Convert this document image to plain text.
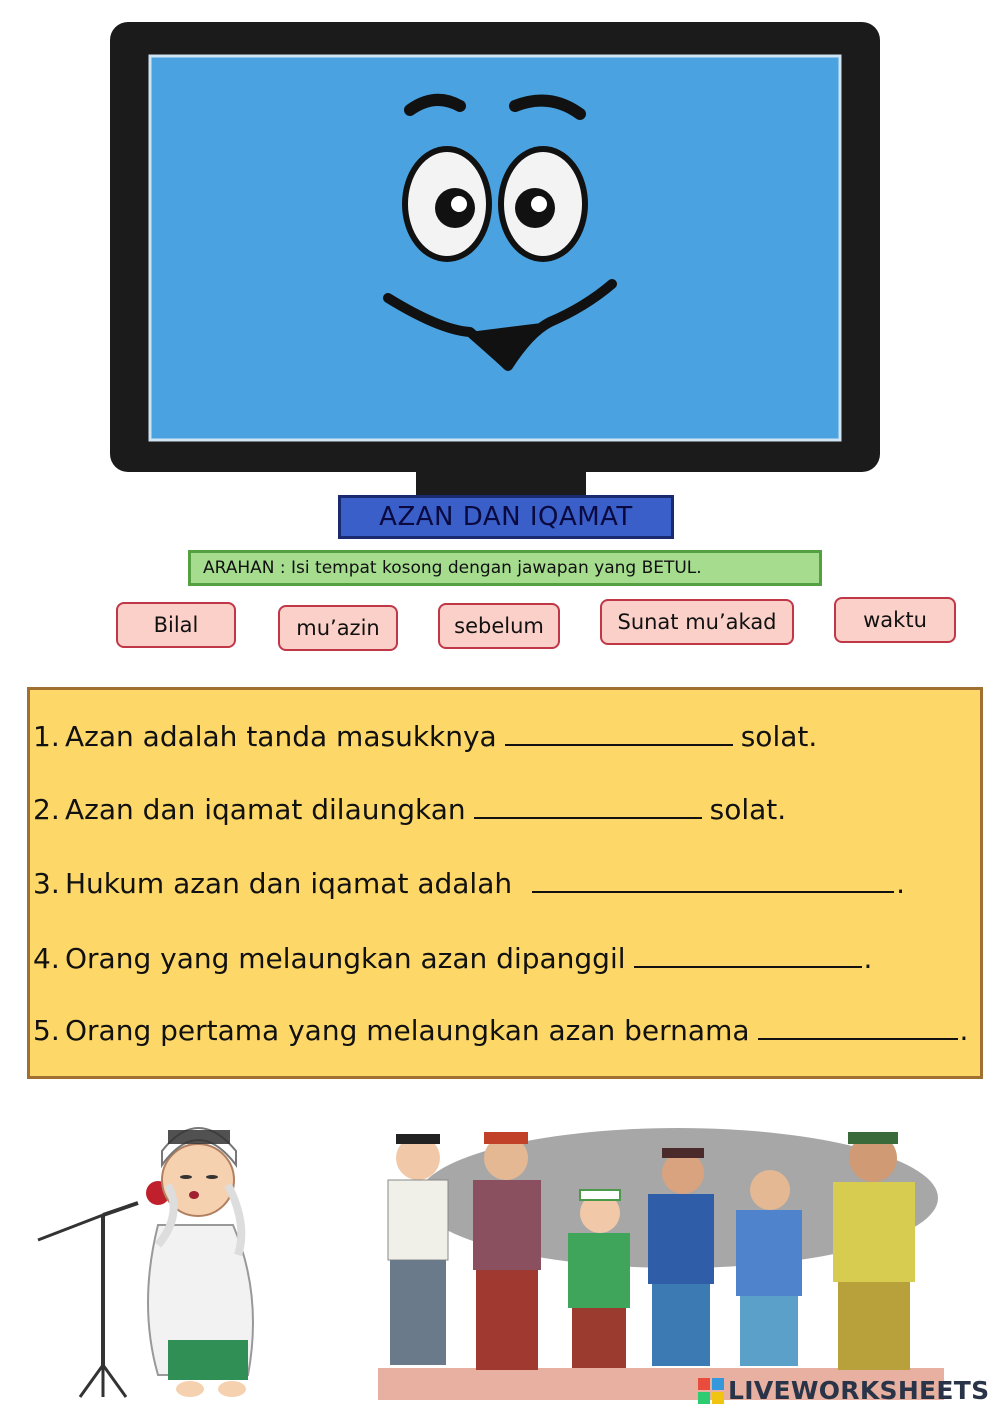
AZAN DAN IQAMAT
ARAHAN : Isi tempat kosong dengan jawapan yang BETUL.
Bilal	mu’azin	sebelum	Sunat mu’akad	waktu
1. Azan adalah tanda masukknya	solat.
2. Azan dan iqamat dilaungkan	solat.
3. Hukum azan dan iqamat adalah	.
4. Orang yang melaungkan azan dipanggil	.
5. Orang pertama yang melaungkan azan bernama	.
LIVEWORKSHEETS
